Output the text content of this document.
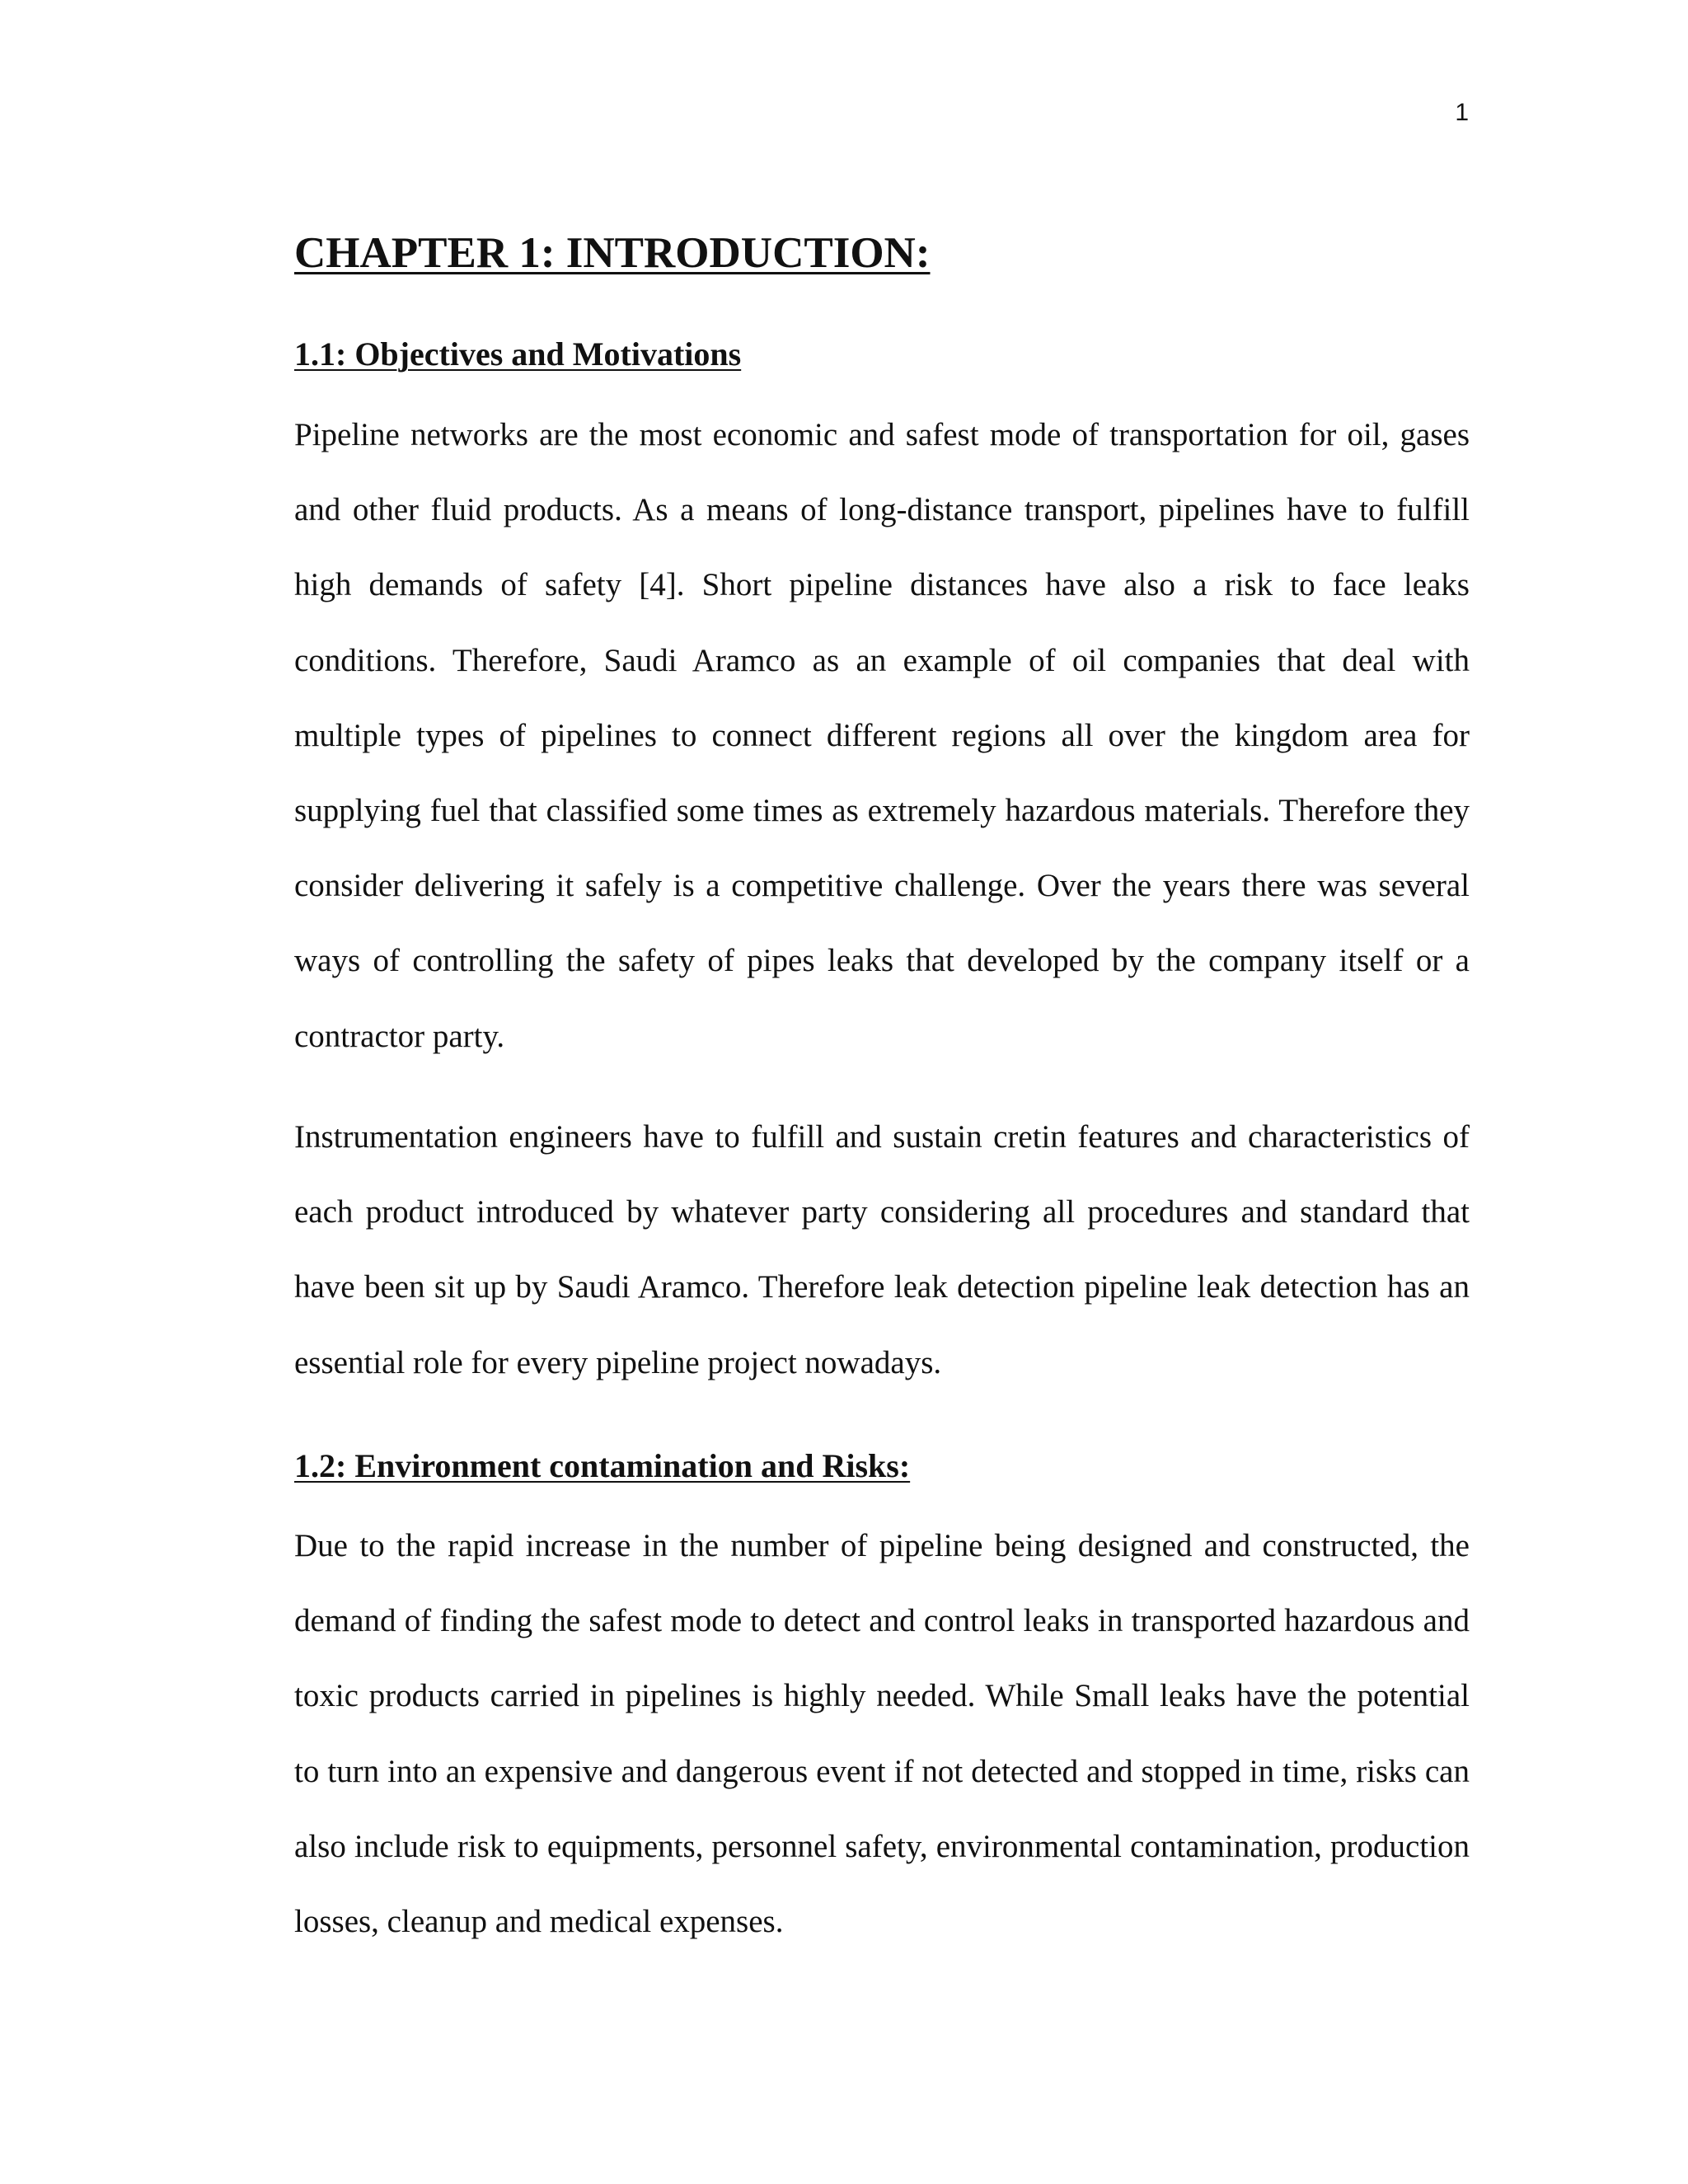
1
CHAPTER 1: INTRODUCTION:
1.1: Objectives and Motivations

Pipeline networks are the most economic and safest mode of transportation for oil, gases and other fluid products. As a means of long-distance transport, pipelines have to fulfill high demands of safety [4]. Short pipeline distances have also a risk to face leaks conditions. Therefore, Saudi Aramco as an example of oil companies that deal with multiple types of pipelines to connect different regions all over the kingdom area for supplying fuel that classified some times as extremely hazardous materials. Therefore they consider delivering it safely is a competitive challenge. Over the years there was several ways of controlling the safety of pipes leaks that developed by the company itself or a contractor party.

Instrumentation engineers have to fulfill and sustain cretin features and characteristics of each product introduced by whatever party considering all procedures and standard that have been sit up by Saudi Aramco. Therefore leak detection pipeline leak detection has an essential role for every pipeline project nowadays.

1.2: Environment contamination and Risks:

Due to the rapid increase in the number of pipeline being designed and constructed, the demand of finding the safest mode to detect and control leaks in transported hazardous and toxic products carried in pipelines is highly needed. While Small leaks have the potential to turn into an expensive and dangerous event if not detected and stopped in time, risks can also include risk to equipments, personnel safety, environmental contamination, production losses, cleanup and medical expenses.
